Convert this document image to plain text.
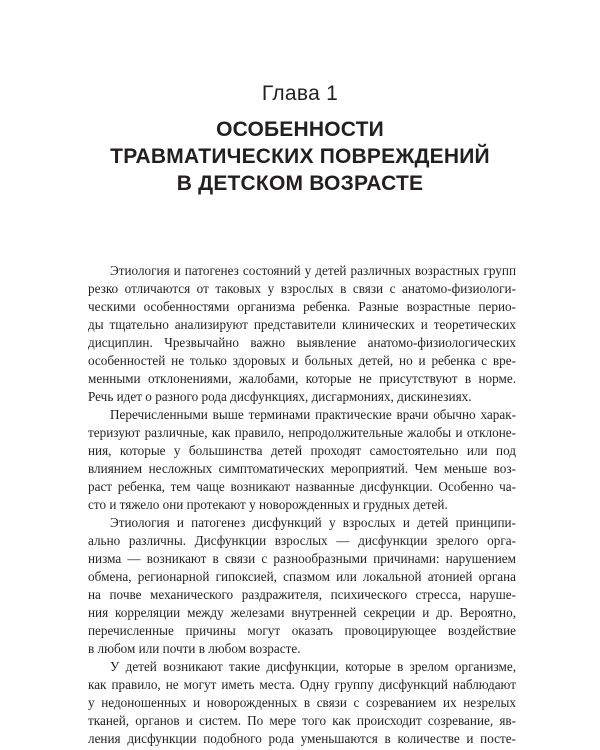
Глава 1
ОСОБЕННОСТИ
ТРАВМАТИЧЕСКИХ ПОВРЕЖДЕНИЙ
В ДЕТСКОМ ВОЗРАСТЕ
Этиология и патогенез состояний у детей различных возрастных групп
резко отличаются от таковых у взрослых в связи с анатомо-физиологи-
ческими особенностями организма ребенка. Разные возрастные перио-
ды тщательно анализируют представители клинических и теоретических
дисциплин. Чрезвычайно важно выявление анатомо-физиологических
особенностей не только здоровых и больных детей, но и ребенка с вре-
менными отклонениями, жалобами, которые не присутствуют в норме.
Речь идет о разного рода дисфункциях, дисгармониях, дискинезиях.
Перечисленными выше терминами практические врачи обычно харак-
теризуют различные, как правило, непродолжительные жалобы и отклоне-
ния, которые у большинства детей проходят самостоятельно или под
влиянием несложных симптоматических мероприятий. Чем меньше воз-
раст ребенка, тем чаще возникают названные дисфункции. Особенно ча-
сто и тяжело они протекают у новорожденных и грудных детей.
Этиология и патогенез дисфункций у взрослых и детей принципи-
ально различны. Дисфункции взрослых — дисфункции зрелого орга-
низма — возникают в связи с разнообразными причинами: нарушением
обмена, регионарной гипоксией, спазмом или локальной атонией органа
на почве механического раздражителя, психического стресса, наруше-
ния корреляции между железами внутренней секреции и др. Вероятно,
перечисленные причины могут оказать провоцирующее воздействие
в любом или почти в любом возрасте.
У детей возникают такие дисфункции, которые в зрелом организме,
как правило, не могут иметь места. Одну группу дисфункций наблюдают
у недоношенных и новорожденных в связи с созреванием их незрелых
тканей, органов и систем. По мере того как происходит созревание, яв-
ления дисфункции подобного рода уменьшаются в количестве и посте-
